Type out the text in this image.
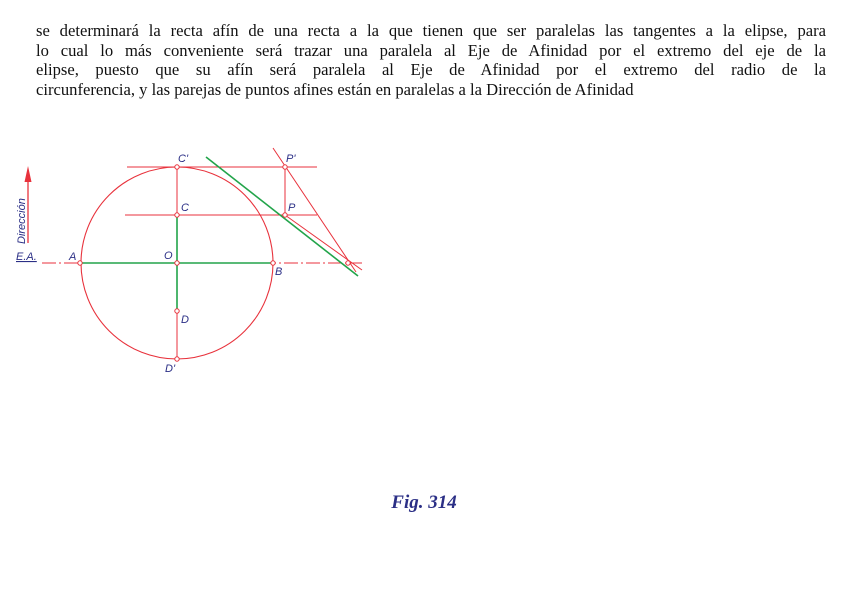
se determinará la recta afín de una recta a la que tienen que ser paralelas las tangentes a la elipse, para
lo cual lo más conveniente será trazar una paralela al Eje de Afinidad por el extremo del eje de la
elipse, puesto que su afín será paralela al Eje de Afinidad por el extremo del radio de la
circunferencia, y las parejas de puntos afines están en paralelas a la Dirección de Afinidad
Dirección
E.A.	A
B
O
C
C'
D
D'
P
P'
Fig. 314
